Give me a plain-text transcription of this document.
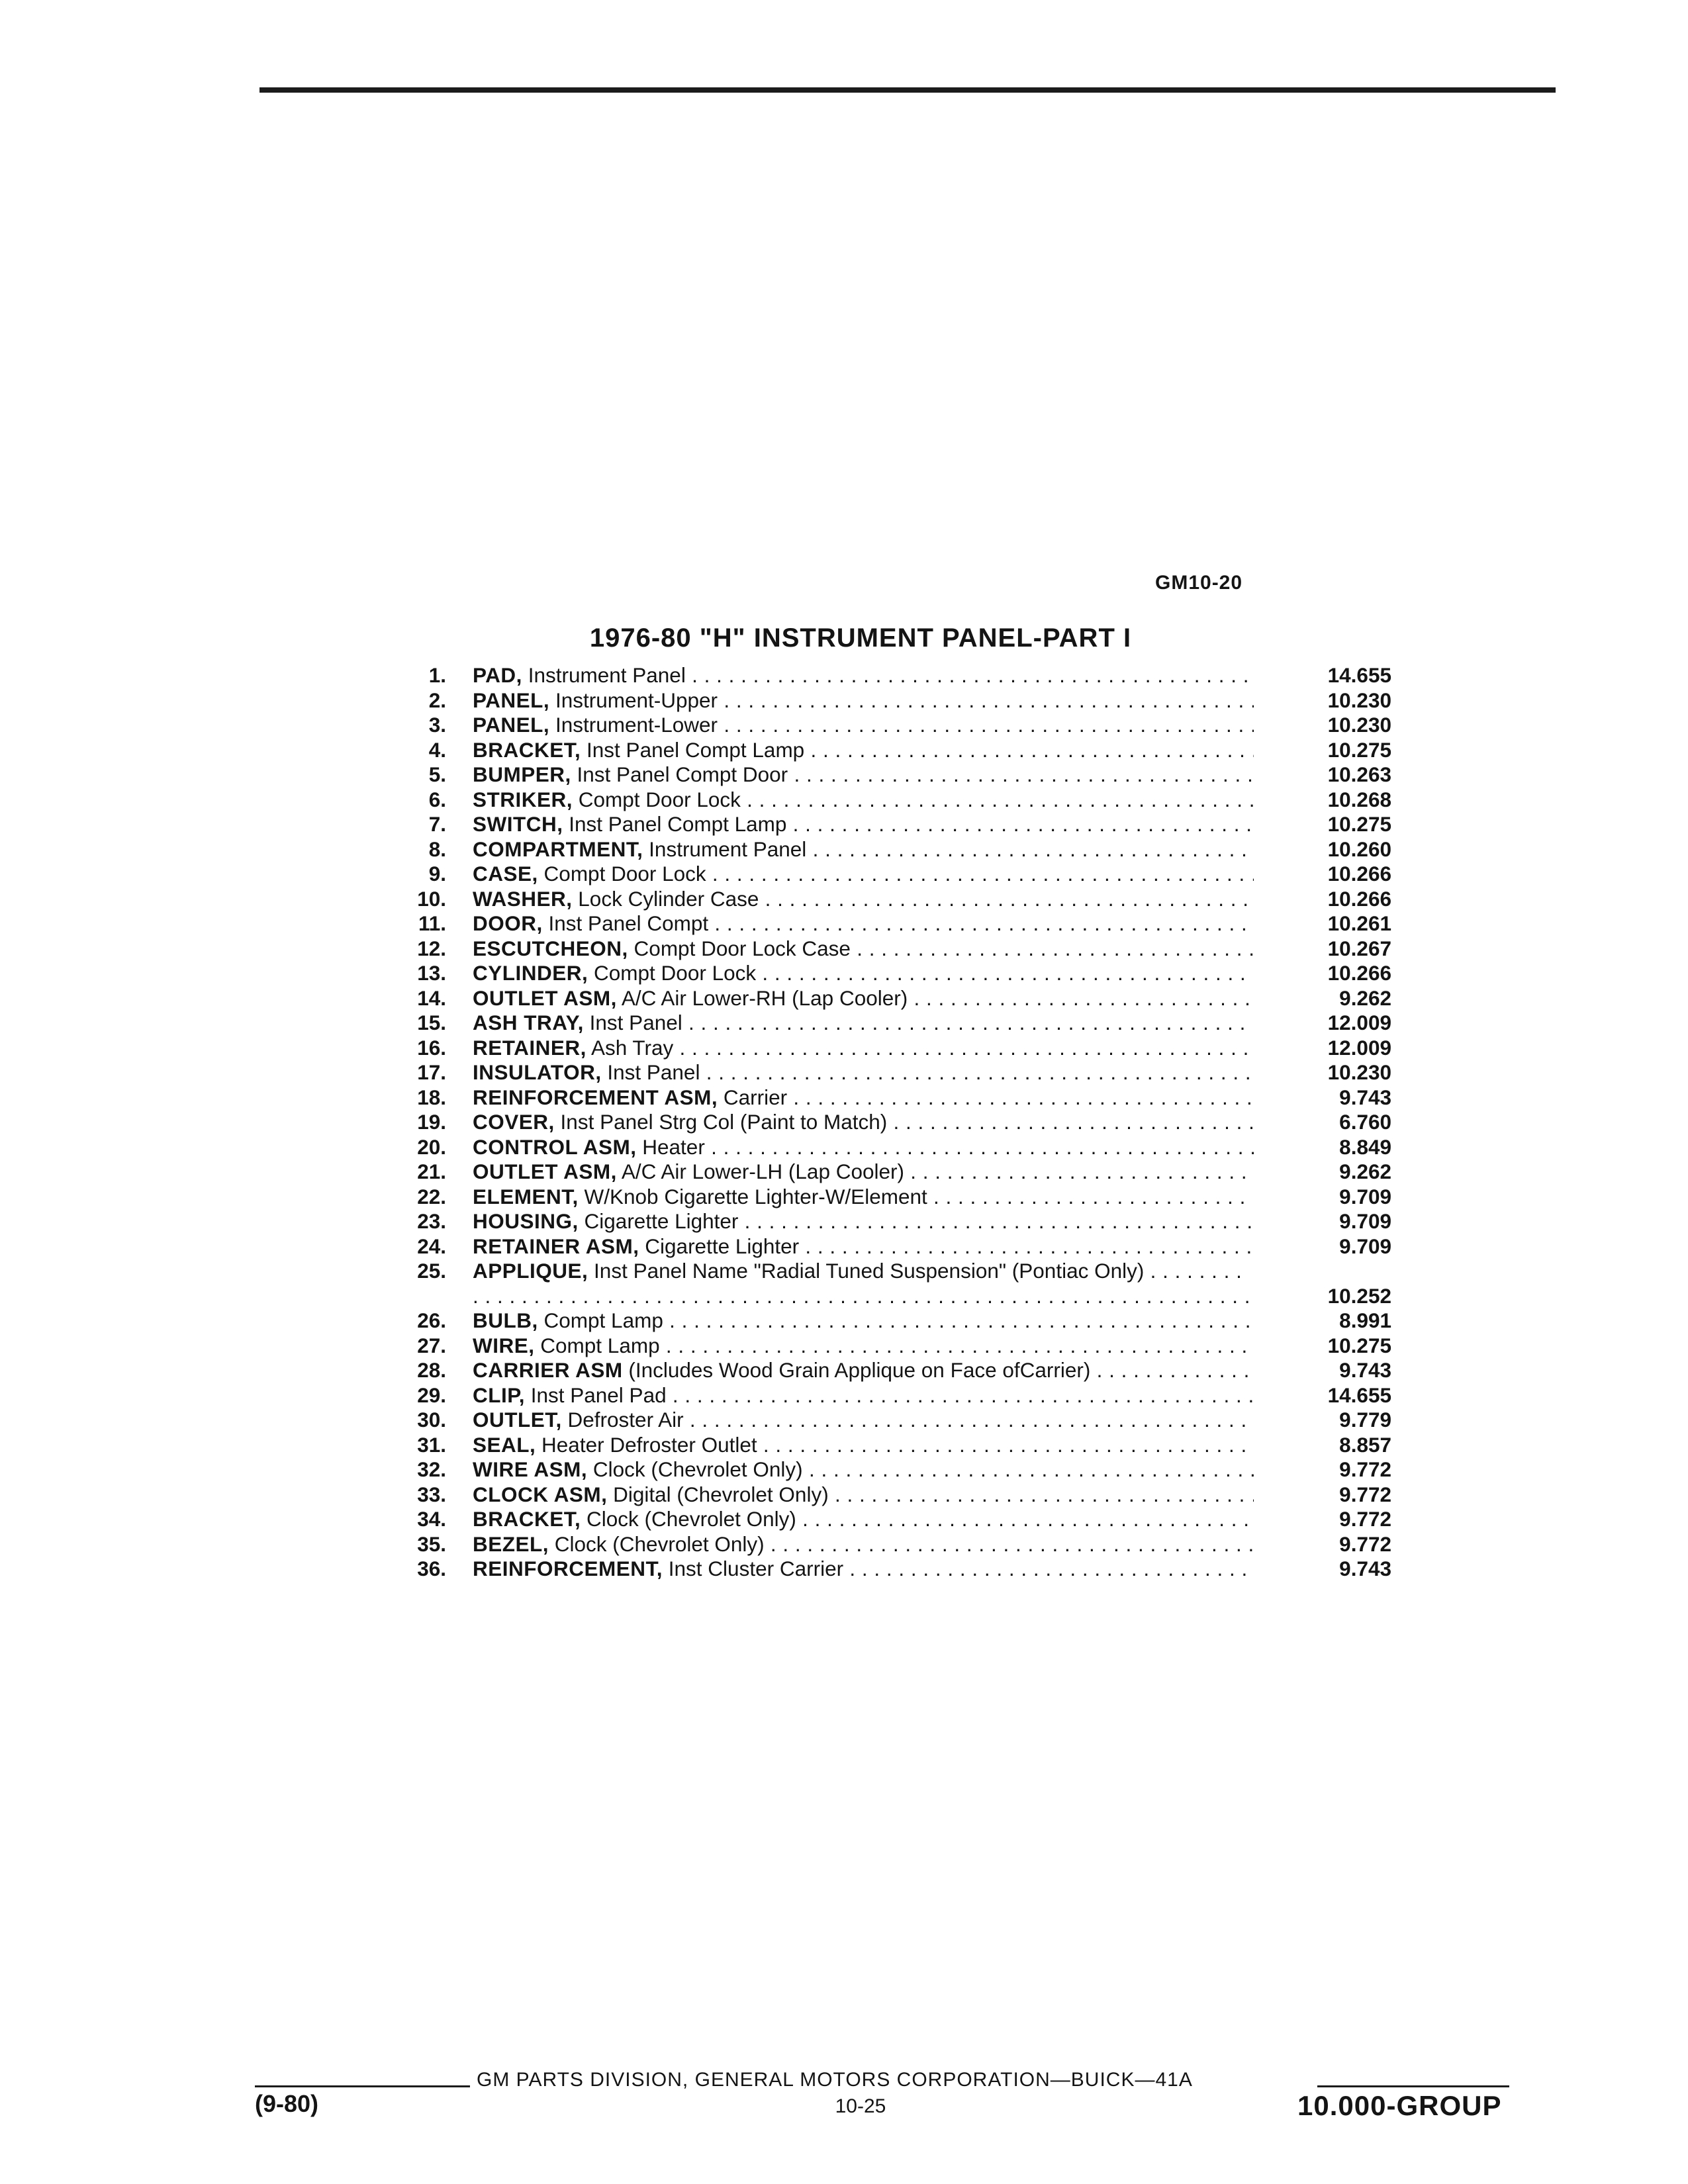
GM10-20
1976-80 "H" INSTRUMENT PANEL-PART I
1. PAD, Instrument Panel . . .	14.655
2. PANEL, Instrument-Upper . . .	10.230
3. PANEL, Instrument-Lower . . .	10.230
4. BRACKET, Inst Panel Compt Lamp . . .	10.275
5. BUMPER, Inst Panel Compt Door . . .	10.263
6. STRIKER, Compt Door Lock . . .	10.268
7. SWITCH, Inst Panel Compt Lamp . . .	10.275
8. COMPARTMENT, Instrument Panel . . .	10.260
9. CASE, Compt Door Lock . . .	10.266
10. WASHER, Lock Cylinder Case . . .	10.266
11. DOOR, Inst Panel Compt . . .	10.261
12. ESCUTCHEON, Compt Door Lock Case . . .	10.267
13. CYLINDER, Compt Door Lock . . .	10.266
14. OUTLET ASM, A/C Air Lower-RH (Lap Cooler) . . .	9.262
15. ASH TRAY, Inst Panel . . .	12.009
16. RETAINER, Ash Tray . . .	12.009
17. INSULATOR, Inst Panel . . .	10.230
18. REINFORCEMENT ASM, Carrier . . .	9.743
19. COVER, Inst Panel Strg Col (Paint to Match) . . .	6.760
20. CONTROL ASM, Heater . . .	8.849
21. OUTLET ASM, A/C Air Lower-LH (Lap Cooler) . . .	9.262
22. ELEMENT, W/Knob Cigarette Lighter-W/Element . . .	9.709
23. HOUSING, Cigarette Lighter . . .	9.709
24. RETAINER ASM, Cigarette Lighter . . .	9.709
25. APPLIQUE, Inst Panel Name "Radial Tuned Suspension" (Pontiac Only) . . .
10.252
26. BULB, Compt Lamp . . .	8.991
27. WIRE, Compt Lamp . . .	10.275
28. CARRIER ASM (Includes Wood Grain Applique on Face ofCarrier) . . .	9.743
29. CLIP, Inst Panel Pad . . .	14.655
30. OUTLET, Defroster Air . . .	9.779
31. SEAL, Heater Defroster Outlet . . .	8.857
32. WIRE ASM, Clock (Chevrolet Only) . . .	9.772
33. CLOCK ASM, Digital (Chevrolet Only) . . .	9.772
34. BRACKET, Clock (Chevrolet Only) . . .	9.772
35. BEZEL, Clock (Chevrolet Only) . . .	9.772
36. REINFORCEMENT, Inst Cluster Carrier . . .	9.743
GM PARTS DIVISION, GENERAL MOTORS CORPORATION—BUICK—41A
(9-80)	10-25	10.000-GROUP
